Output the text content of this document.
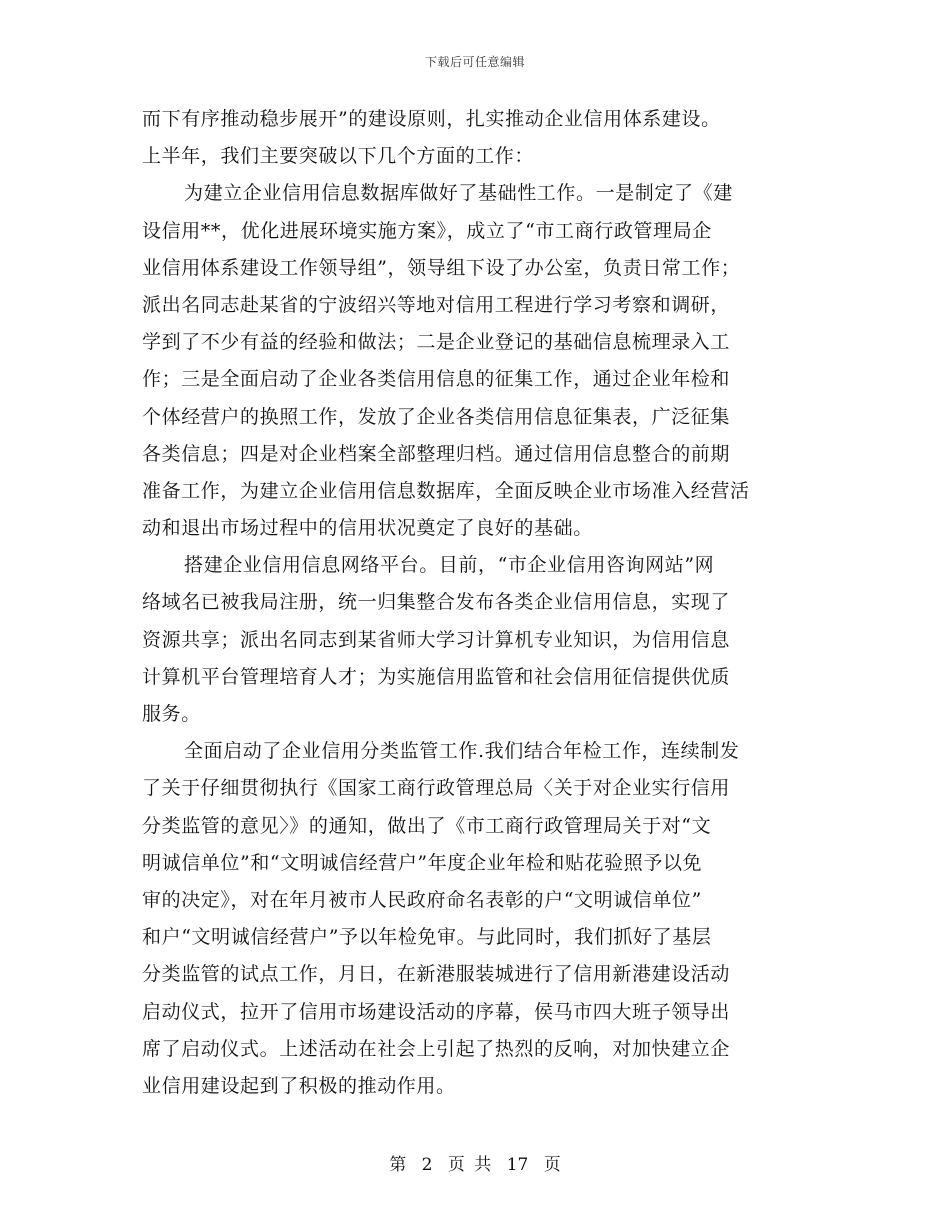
下载后可任意编辑
而下有序推动稳步展开”的建设原则，扎实推动企业信用体系建设。
上半年，我们主要突破以下几个方面的工作：
为建立企业信用信息数据库做好了基础性工作。一是制定了《建
设信用**，优化进展环境实施方案》，成立了“市工商行政管理局企
业信用体系建设工作领导组”，领导组下设了办公室，负责日常工作；
派出名同志赴某省的宁波绍兴等地对信用工程进行学习考察和调研，
学到了不少有益的经验和做法；二是企业登记的基础信息梳理录入工
作；三是全面启动了企业各类信用信息的征集工作，通过企业年检和
个体经营户的换照工作，发放了企业各类信用信息征集表，广泛征集
各类信息；四是对企业档案全部整理归档。通过信用信息整合的前期
准备工作，为建立企业信用信息数据库，全面反映企业市场准入经营活
动和退出市场过程中的信用状况奠定了良好的基础。
搭建企业信用信息网络平台。目前，“市企业信用咨询网站”网
络域名已被我局注册，统一归集整合发布各类企业信用信息，实现了
资源共享；派出名同志到某省师大学习计算机专业知识，为信用信息
计算机平台管理培育人才；为实施信用监管和社会信用征信提供优质
服务。
全面启动了企业信用分类监管工作.我们结合年检工作，连续制发
了关于仔细贯彻执行《国家工商行政管理总局〈关于对企业实行信用
分类监管的意见〉》的通知，做出了《市工商行政管理局关于对“文
明诚信单位”和“文明诚信经营户”年度企业年检和贴花验照予以免
审的决定》，对在年月被市人民政府命名表彰的户“文明诚信单位”
和户“文明诚信经营户”予以年检免审。与此同时，我们抓好了基层
分类监管的试点工作，月日，在新港服装城进行了信用新港建设活动
启动仪式，拉开了信用市场建设活动的序幕，侯马市四大班子领导出
席了启动仪式。上述活动在社会上引起了热烈的反响，对加快建立企
业信用建设起到了积极的推动作用。
第 2 页 共 17 页
